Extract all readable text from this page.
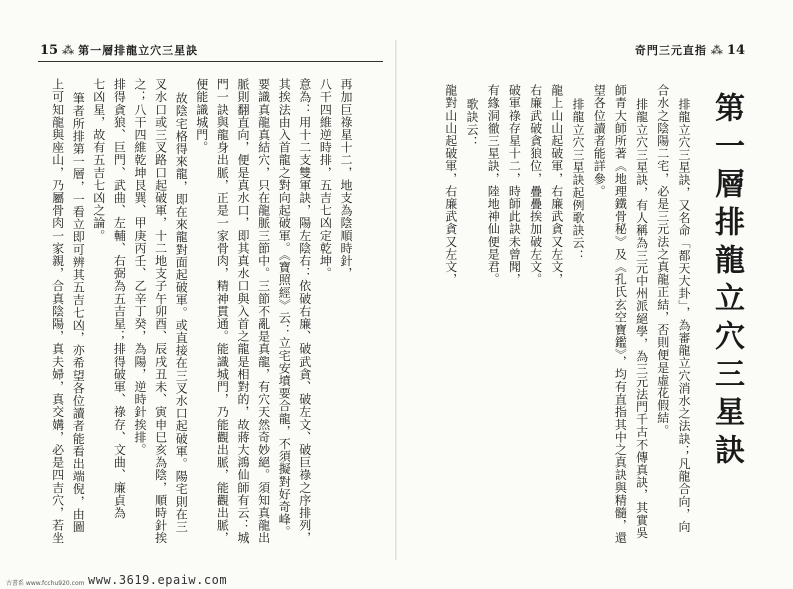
15 ⁂ 第一層排龍立穴三星訣
再加巨祿星十二，地支為陰順時針，
八干四維逆時排，五吉七凶定乾坤。
意為：用十二支雙軍訣，陽左陰右：依破右廉、破武貪、破左文、破巨祿之序排列，
其挨法由入首龍之對向起破軍。《寶照經》云：立宅安墳要合龍，不須擬對好奇峰。
要識真龍真結穴，只在龍脈三節中。三節不亂是真龍，有穴天然奇妙絕。須知真龍出
脈則翻直向，便是真水口，即其真水口與入首之龍是相對的，故蔣大鴻仙師有云：城
門一訣與龍身出脈，正是一家骨肉，精神貫通。能識城門，乃能觀出脈，能觀出脈，
便能識城門。
故陰宅格得來龍，即在來龍對面起破軍。或直接在三叉水口起破軍。陽宅則在三
叉水口或三叉路口起破軍，十二地支子午卯酉、辰戌丑未、寅申巳亥為陰，順時針挨
之；八干四維乾坤艮巽、甲庚丙壬、乙辛丁癸，為陽，逆時針挨排。
排得貪狼、巨門、武曲、左輔、右弼為五吉星；排得破軍、祿存、文曲、廉貞為
七凶星，故有五吉七凶之論。
筆者所排第一層，一看立即可辨其五吉七凶，亦希望各位讀者能看出端倪，由圖
上可知龍與座山，乃屬骨肉一家親，合真陰陽，真夫婦，真交媾，必是四吉穴，若坐
奇門三元直指 ⁂ 14
第一層排龍立穴三星訣
排龍立穴三星訣，又名命「都天大卦」，為審龍立穴消水之法訣；凡龍合向，向
合水之陰陽二宅，必是三元法之真龍正結，否則便是虛花假結。
排龍立穴三星訣，有人稱為三元中州派絕學，為三元法門千古不傳真訣，其實吳
師青大師所著《地理鐵骨秘》及《孔氏玄空寶鑑》，均有直指其中之真訣與精髓，還
望各位讀者能詳參。
排龍立穴三星訣起例歌訣云：
龍上山山起破軍，右廉武貪又左文，
右廉武破貪狼位，疊疊挨加破左文。
破軍祿存星十二，時師此訣未曾聞，
有緣洞徹三星訣，陸地神仙便是君。
歌訣云：
龍對山山起破軍，右廉武貪又左文，
古書系 www.fcchu920.com www.3619.epaiw.com
